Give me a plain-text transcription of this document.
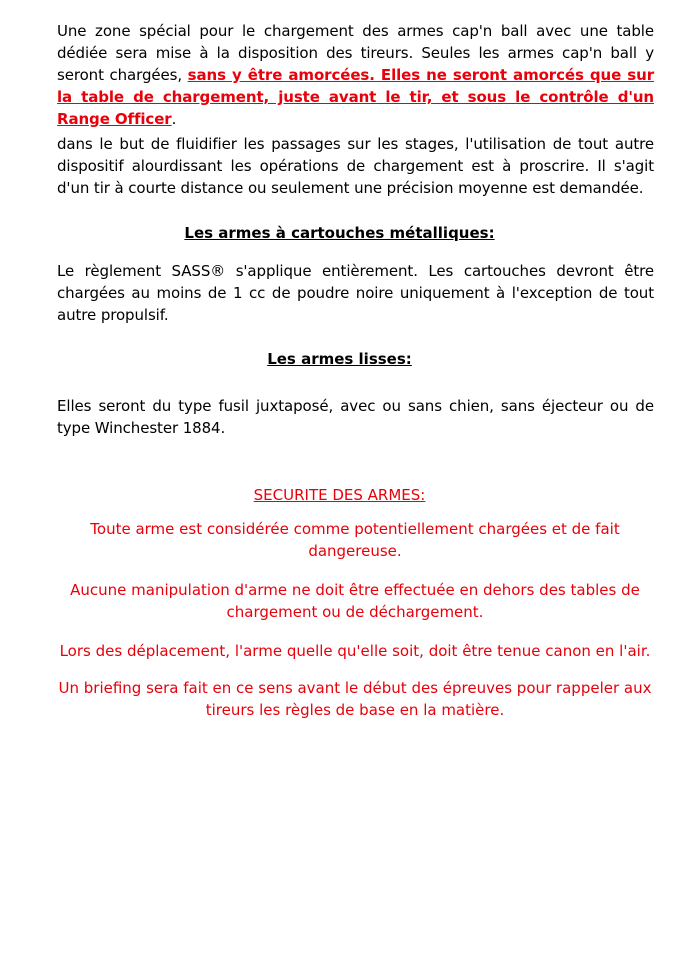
Une zone spécial pour le chargement des armes cap'n ball avec une table dédiée sera mise à la disposition des tireurs. Seules les armes cap'n ball y seront chargées, sans y être amorcées. Elles ne seront amorcés que sur la table de chargement, juste avant le tir, et sous le contrôle d'un Range Officer.

dans le but de fluidifier les passages sur les stages, l'utilisation de tout autre dispositif alourdissant les opérations de chargement est à proscrire. Il s'agit d'un tir à courte distance ou seulement une précision moyenne est demandée.

Les armes à cartouches métalliques:

Le règlement SASS® s'applique entièrement. Les cartouches devront être chargées au moins de 1 cc de poudre noire uniquement à l'exception de tout autre propulsif.

Les armes lisses:

Elles seront du type fusil juxtaposé, avec ou sans chien, sans éjecteur ou de type Winchester 1884.

SECURITE DES ARMES:

Toute arme est considérée comme potentiellement chargées et de fait dangereuse.

Aucune manipulation d'arme ne doit être effectuée en dehors des tables de chargement ou de déchargement.

Lors des déplacement, l'arme quelle qu'elle soit, doit être tenue canon en l'air.

Un briefing sera fait en ce sens avant le début des épreuves pour rappeler aux tireurs les règles de base en la matière.
